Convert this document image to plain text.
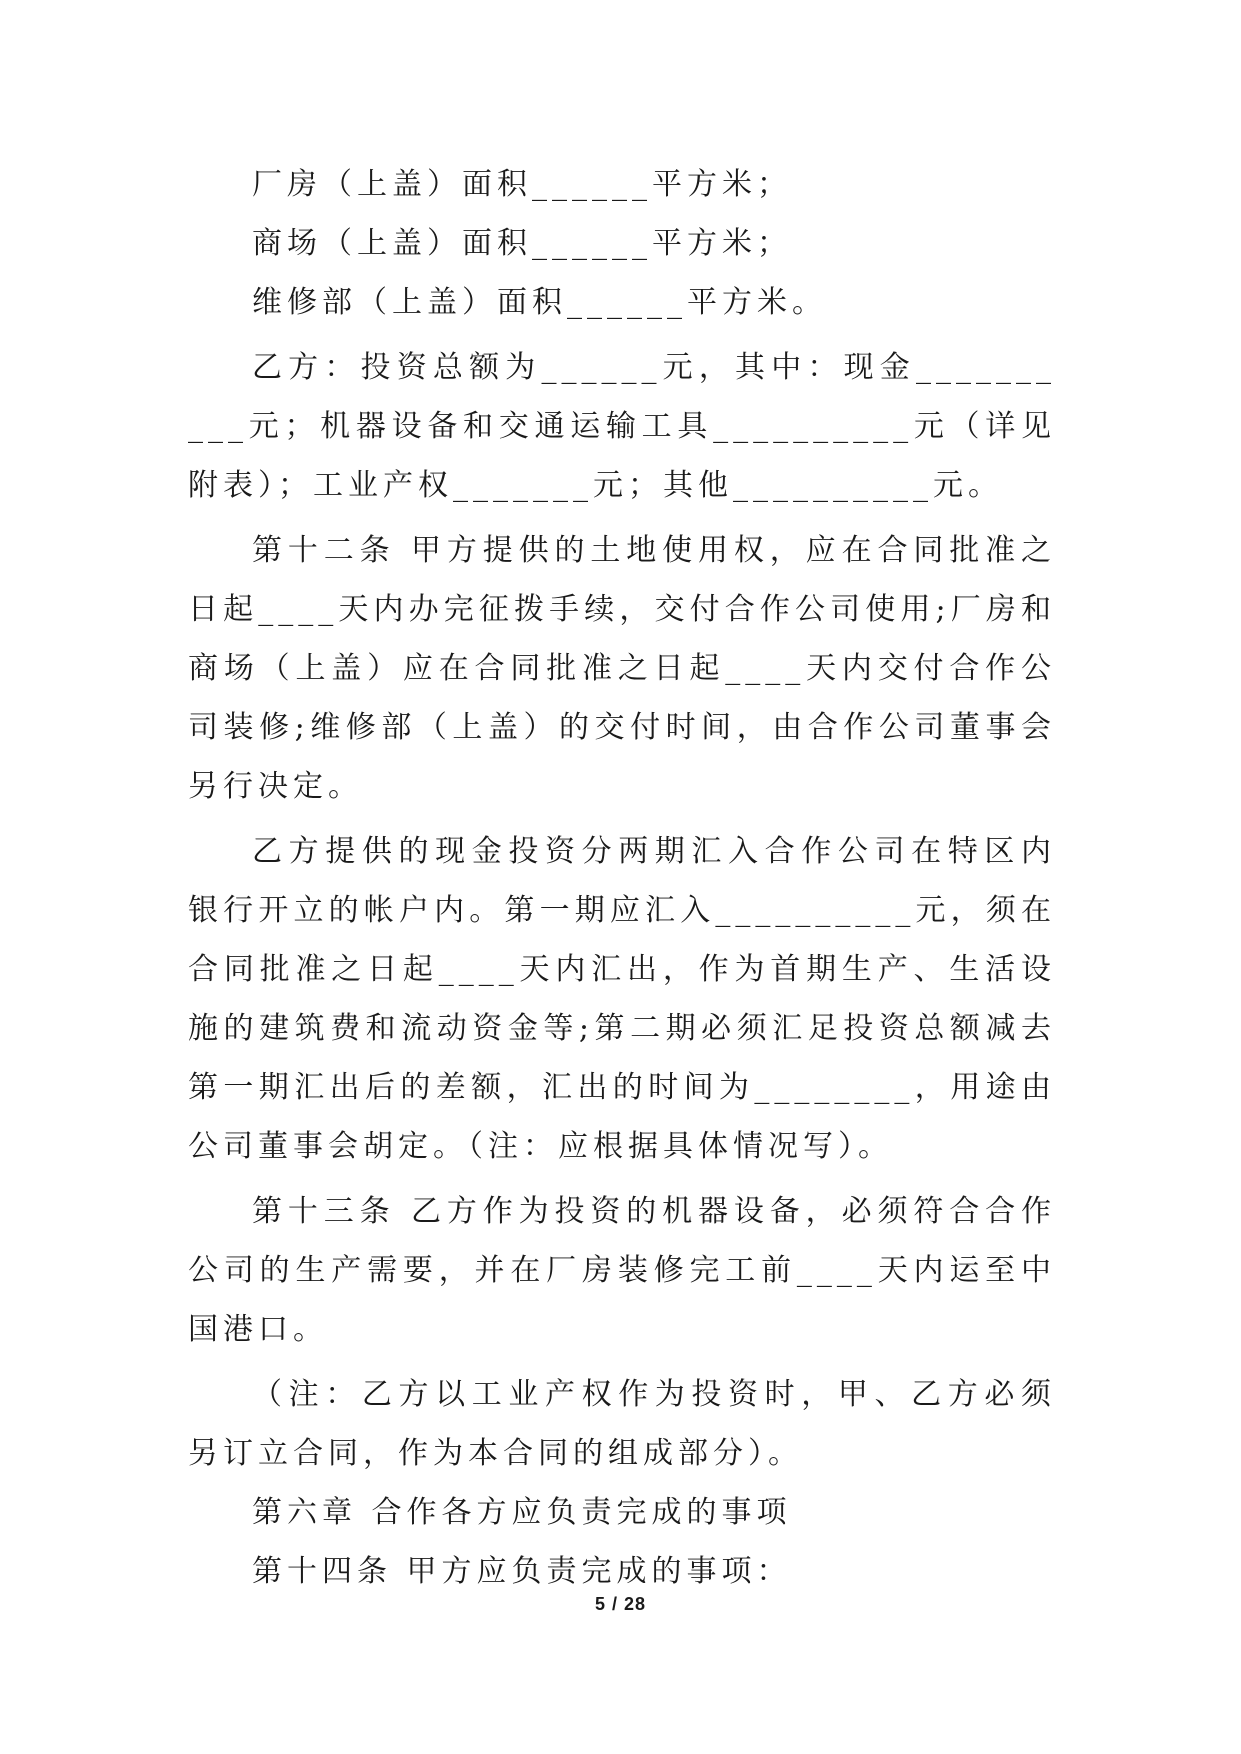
厂房（上盖）面积______平方米；

商场（上盖）面积______平方米；

维修部（上盖）面积______平方米。

乙方：投资总额为______元，其中：现金__________元；机器设备和交通运输工具__________元（详见附表）；工业产权_______元；其他__________元。

第十二条 甲方提供的土地使用权，应在合同批准之日起____天内办完征拨手续，交付合作公司使用;厂房和商场（上盖）应在合同批准之日起____天内交付合作公司装修;维修部（上盖）的交付时间，由合作公司董事会另行决定。

乙方提供的现金投资分两期汇入合作公司在特区内银行开立的帐户内。第一期应汇入__________元，须在合同批准之日起____天内汇出，作为首期生产、生活设施的建筑费和流动资金等;第二期必须汇足投资总额减去第一期汇出后的差额，汇出的时间为________，用途由公司董事会胡定。（注：应根据具体情况写）。

第十三条 乙方作为投资的机器设备，必须符合合作公司的生产需要，并在厂房装修完工前____天内运至中国港口。

（注：乙方以工业产权作为投资时，甲、乙方必须另订立合同，作为本合同的组成部分）。

第六章 合作各方应负责完成的事项

第十四条 甲方应负责完成的事项：

5 / 28
